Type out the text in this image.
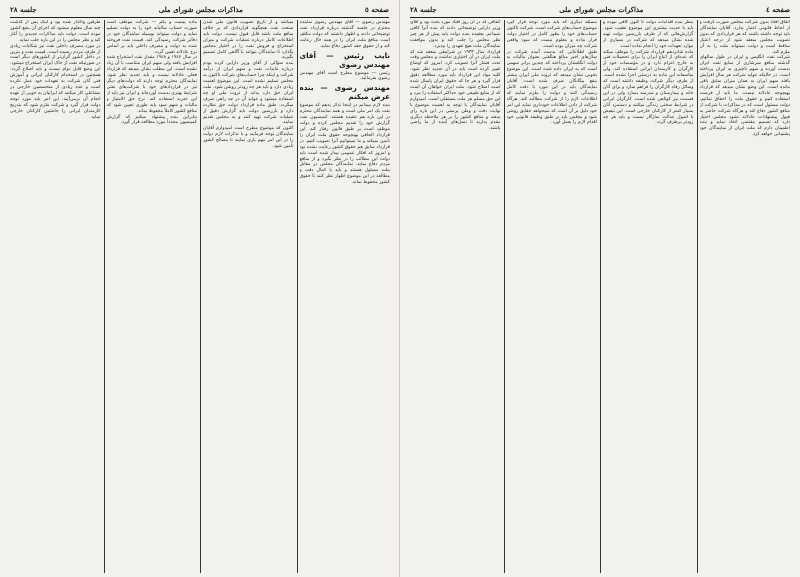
صفحه ٥
مذاکرات مجلس شورای ملی
جلسه ٢٨

مهندس رضوی — آقای مهندس رضوی نماینده محترم در جلسه گذشته درباره قرارداد نفت توضیحاتی دادند و اظهار داشتند که دولت مکلف است منافع ملت ایران را در همه حال رعایت کند و از حقوق حقه کشور دفاع نماید.

نایب رئیس — آقای مهندس رضوی

رئیس — موضوع مطرح است آقای مهندس رضوی بفرمائید.

مهندس رضوی — بنده عرض میکنم

بنده لازم میدانم در اینجا تذکر بدهم که موضوع نفت یک امر ملی است و همه نمایندگان محترم در این باره هم عقیده هستند. کمیسیون نفت گزارش خود را تقدیم مجلس کرده و دولت موظف است بر طبق قانون رفتار کند. این قرارداد الحاقی بهیچوجه حقوق ملت ایران را تأمین نمیکند و ما نمیتوانیم آنرا تصویب کنیم. در قرارداد سابق هم حقوق کشور رعایت نشده بود و امروز که افکار عمومی بیدار شده است باید دولت این مطالب را در نظر بگیرد و از منافع مردم دفاع نماید. نمایندگان مجلس در مقابل ملت مسئول هستند و باید با کمال دقت و مطالعه در این موضوع اظهار نظر کنند تا حقوق کشور محفوظ بماند.

میباشد و از تاریخ تصویب قانون ملی شدن صنعت نفت هیچگونه قراردادی که بر خلاف منافع ملت باشد قابل قبول نیست. دولت باید اطلاعات کامل درباره عملیات شرکت و میزان استخراج و فروش نفت را در اختیار مجلس بگذارد تا نمایندگان بتوانند با آگاهی کامل تصمیم بگیرند.

بنده سؤالی از آقای وزیر دارایی کرده بودم درباره عایدات نفت و سهم ایران از درآمد شرکت و اینکه چرا حساب‌های شرکت تاکنون به مجلس تسلیم نشده است. این موضوع اهمیت زیادی دارد و باید هر چه زودتر روشن شود. ملت ایران حق دارد بداند از ثروت ملی او چه استفاده میشود و عواید آن در چه راهی صرف میگردد. طبق ماده قرارداد دولت حق نظارت دارد و بازرسین دولت باید گزارش دقیق از عملیات شرکت تهیه کنند و به مجلس تقدیم نمایند.

اکنون که موضوع مطرح است امیدوارم آقایان نمایندگان توجه فرمایند و با تذکرات لازم دولت را در این امر مهم یاری نمایند تا مصالح کشور تأمین شود.

ماده بیست و یکم — شرکت موظف است صورت حساب سالیانه خود را به دولت تسلیم نماید و دولت میتواند بوسیله نمایندگان خود در دفاتر شرکت رسیدگی کند. قیمت نفت فروخته شده به دولت و مصرف داخلی باید بر اساس نرخ عادلانه تعیین گردد.

در سال ١٩٤٧ و ١٩٤٨ مقدار نفت استخراج شده افزایش یافته ولی سهم ایران متناسب با آن زیاد نشده است. این مطلب نشان میدهد که قرارداد فعلی عادلانه نیست و باید تجدید نظر شود. نمایندگان محترم توجه دارند که دولت‌های دیگر نیز در قراردادهای خود با شرکت‌های نفتی شرایط بهتری بدست آورده‌اند و ایران نیز باید از این تجربه استفاده کند. نرخ حق الامتیاز و مالیات و سهم سود باید طوری تعیین شود که منافع کشور کاملاً محفوظ بماند.

بنابراین بنده پیشنهاد میکنم که گزارش کمیسیون مجدداً مورد مطالعه قرار گیرد.

طرفین واگذار شده بود و اینک پس از گذشت چند سال معلوم میشود که اجرای آن بنفع کشور نبوده است. دولت باید مذاکرات جدیدی را آغاز کند و نظر مجلس را در این باره جلب نماید.

در مورد مصرف داخلی نفت نیز شکایات زیادی از طرف مردم رسیده است. قیمت نفت و بنزین در داخل کشور گران‌تر از کشورهای دیگر است در صورتیکه نفت از خاک ایران استخراج میشود. این وضع قابل دوام نیست و باید اصلاح گردد. همچنین در استخدام کارکنان ایرانی و آموزش فنی آنان شرکت به تعهدات خود عمل نکرده است و عده زیادی از متخصصین خارجی در مشاغلی کار میکنند که ایرانیان به خوبی از عهده انجام آن برمی‌آیند. این امر باید مورد توجه دولت قرار گیرد و شرکت ملزم شود که بتدریج کارمندان ایرانی را جانشین کارکنان خارجی نماید.

صفحه ٤
مذاکرات مجلس شورای ملی
جلسه ٢٨

اتفاق افتاد بدون شرکت مجلس صورت گرفت و از لحاظ قانونی اعتبار ندارد. آقایان نمایندگان باید توجه داشته باشند که هر قراردادی که بدون تصویب مجلس منعقد شود از درجه اعتبار ساقط است و دولت نمیتواند ملت را به آن ملزم کند.

شرکت نفت انگلیس و ایران در طول سالهای گذشته منافع سرشاری از منابع نفت ایران بدست آورده و سهم ناچیزی به ایران پرداخته است. در حالیکه عواید شرکت هر سال افزایش یافته سهم ایران به همان میزان سابق باقی مانده است. این وضع نشان میدهد که قرارداد بهیچوجه عادلانه نیست. ما باید از فرصت استفاده کنیم و حقوق ملت را احقاق نمائیم. دولت مسئول است که در مذاکرات با شرکت از منافع کشور دفاع کند و هرگاه شرکت حاضر به قبول پیشنهادات عادلانه نشود مجلس اختیار دارد که تصمیم مقتضی اتخاذ نماید و بنده اطمینان دارم که ملت ایران از نمایندگان خود پشتیبانی خواهد کرد.

بنظر بنده اقدامات دولت تا کنون کافی نبوده و باید با جدیت بیشتری این موضوع تعقیب شود. گزارش‌هائی که از طرف بازرسین دولت تهیه شده نشان میدهد که شرکت در بسیاری از موارد تعهدات خود را انجام نداده است.

ماده شانزدهم قرارداد شرکت را موظف میکند که عده‌ای از اتباع ایران را برای تحصیلات فنی به خارج اعزام دارد و در مؤسسات خود از کارگران و کارمندان ایرانی استفاده کند. ولی متأسفانه این ماده به درستی اجرا نشده است. از طرف دیگر شرکت وظیفه داشته است که وسائل رفاه کارگران را فراهم سازد و برای آنان خانه و بیمارستان و مدرسه بسازد ولی در این قسمت نیز کوتاهی شده است. کارگران ایرانی در شرایط سختی زندگی میکنند و دستمزد آنان بسیار کمتر از کارکنان خارجی است. این تبعیض با اصول عدالت سازگار نیست و باید هر چه زودتر برطرف گردد.

مسئله دیگری که باید مورد توجه قرار گیرد موضوع حساب‌های شرکت است. شرکت تاکنون حساب‌های خود را بطور کامل در اختیار دولت قرار نداده و معلوم نیست که سود واقعی شرکت چه میزان بوده است.

طبق اطلاعاتی که بدست آمده شرکت در سال‌های اخیر مبالغ هنگفتی بعنوان مالیات به دولت انگلستان پرداخته که چندین برابر سهمی است که به ایران داده شده است. این موضوع بخوبی نشان میدهد که ثروت ملی ایران بیشتر بنفع بیگانگان صرف شده است. آقایان نمایندگان باید در این مورد با دقت کامل رسیدگی کنند و دولت را ملزم نمایند که اطلاعات لازم را از شرکت مطالبه کند. هرگاه شرکت از دادن اطلاعات خودداری نماید این امر خود دلیل بر آن است که نمیخواهد حقایق روشن شود و مجلس باید بر طبق وظیفه قانونی خود اقدام لازم را بعمل آورد.

اتفاقی که در آن روز افتاد مورد بحث بود و آقای وزیر دارایی توضیحاتی دادند که بنده آنرا کافی نمیدانم. بعقیده بنده دولت باید پیش از هر چیز نظر مجلس را جلب کند و بدون موافقت نمایندگان ملت هیچ تعهدی را نپذیرد.

قرارداد سال ١٩٣٣ در شرایطی منعقد شد که ملت ایران در آن اختیاری نداشت و مجلس وقت تحت فشار آنرا تصویب کرد. امروز که اوضاع تغییر کرده است باید در آن تجدید نظر شود. کلیه مواد این قرارداد باید مورد مطالعه دقیق قرار گیرد و هر جا که حقوق ایران پایمال شده است اصلاح شود. ملت ایران خواهان آن است که از منابع طبیعی خود حداکثر استفاده را ببرد و این حق مسلم هر ملت مستقلی است. امیدوارم آقایان نمایندگان با توجه به اهمیت موضوع با نهایت دقت و وطن پرستی در این باره رأی بدهند و منافع کشور را بر هر ملاحظه دیگری مقدم بدارند تا نسل‌های آینده از ما راضی باشند.
